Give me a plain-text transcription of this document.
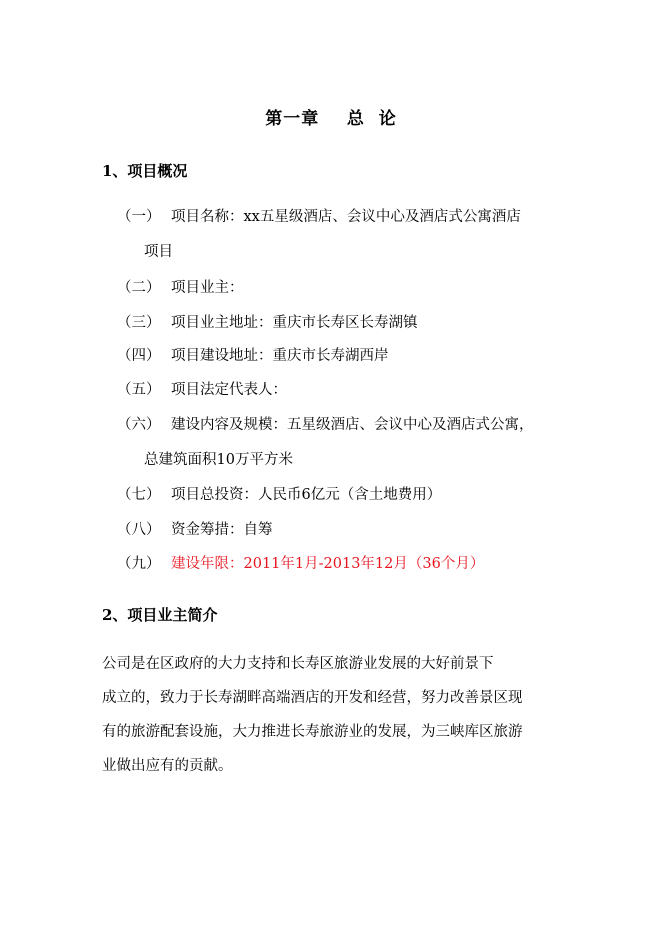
第一章    总  论
1、项目概况
（一） 项目名称：xx五星级酒店、会议中心及酒店式公寓酒店
项目
（二） 项目业主：
（三） 项目业主地址：重庆市长寿区长寿湖镇
（四） 项目建设地址：重庆市长寿湖西岸
（五） 项目法定代表人：
（六） 建设内容及规模：五星级酒店、会议中心及酒店式公寓，
总建筑面积10万平方米
（七） 项目总投资：人民币6亿元（含土地费用）
（八） 资金筹措：自筹
（九） 建设年限：2011年1月-2013年12月（36个月）
2、项目业主简介
公司是在区政府的大力支持和长寿区旅游业发展的大好前景下
成立的，致力于长寿湖畔高端酒店的开发和经营，努力改善景区现
有的旅游配套设施，大力推进长寿旅游业的发展，为三峡库区旅游
业做出应有的贡献。
